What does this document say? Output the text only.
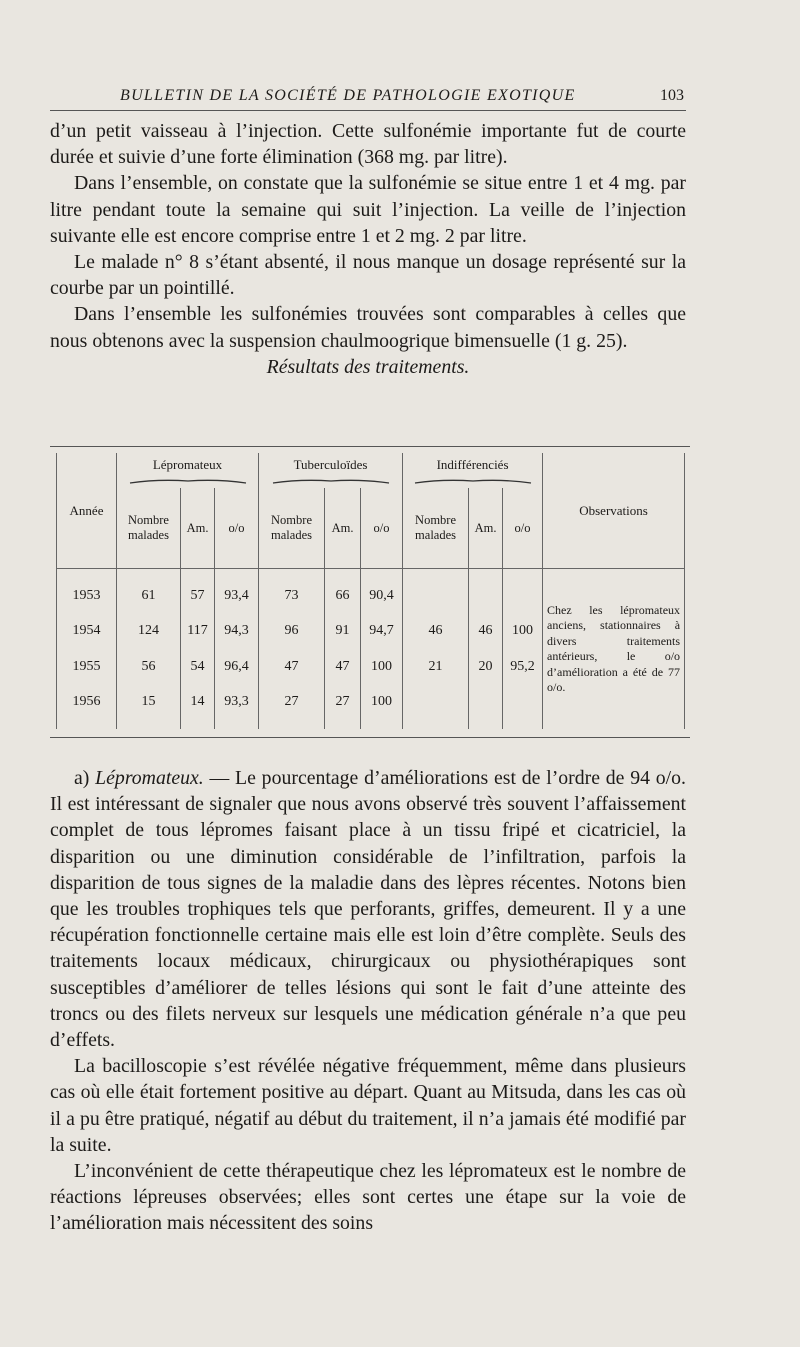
BULLETIN DE LA SOCIÉTÉ DE PATHOLOGIE EXOTIQUE	103

d’un petit vaisseau à l’injection. Cette sulfonémie importante fut de courte durée et suivie d’une forte élimination (368 mg. par litre).

Dans l’ensemble, on constate que la sulfonémie se situe entre 1 et 4 mg. par litre pendant toute la semaine qui suit l’injection. La veille de l’injection suivante elle est encore comprise entre 1 et 2 mg. 2 par litre.

Le malade n° 8 s’étant absenté, il nous manque un dosage représenté sur la courbe par un pointillé.

Dans l’ensemble les sulfonémies trouvées sont comparables à celles que nous obtenons avec la suspension chaulmoogrique bimensuelle (1 g. 25).

Résultats des traitements.

Année	Lépromateux			Tuberculoïdes			Indifférenciés			Observations
	Nombre malades	Am.	o/o	Nombre malades	Am.	o/o	Nombre malades	Am.	o/o	
										Chez les lépromateux anciens, stationnaires à divers traitements antérieurs, le o/o d’amélioration a été de 77 o/o.
1953	61	57	93,4	73	66	90,4				
1954	124	117	94,3	96	91	94,7	46	46	100	
1955	56	54	96,4	47	47	100	21	20	95,2	
1956	15	14	93,3	27	27	100				

a) Lépromateux. — Le pourcentage d’améliorations est de l’ordre de 94 o/o. Il est intéressant de signaler que nous avons observé très souvent l’affaissement complet de tous lépromes faisant place à un tissu fripé et cicatriciel, la disparition ou une diminution considérable de l’infiltration, parfois la disparition de tous signes de la maladie dans des lèpres récentes. Notons bien que les troubles trophiques tels que perforants, griffes, demeurent. Il y a une récupération fonctionnelle certaine mais elle est loin d’être complète. Seuls des traitements locaux médicaux, chirurgicaux ou physiothérapiques sont susceptibles d’améliorer de telles lésions qui sont le fait d’une atteinte des troncs ou des filets nerveux sur lesquels une médication générale n’a que peu d’effets.

La bacilloscopie s’est révélée négative fréquemment, même dans plusieurs cas où elle était fortement positive au départ. Quant au Mitsuda, dans les cas où il a pu être pratiqué, négatif au début du traitement, il n’a jamais été modifié par la suite.

L’inconvénient de cette thérapeutique chez les lépromateux est le nombre de réactions lépreuses observées; elles sont certes une étape sur la voie de l’amélioration mais nécessitent des soins
